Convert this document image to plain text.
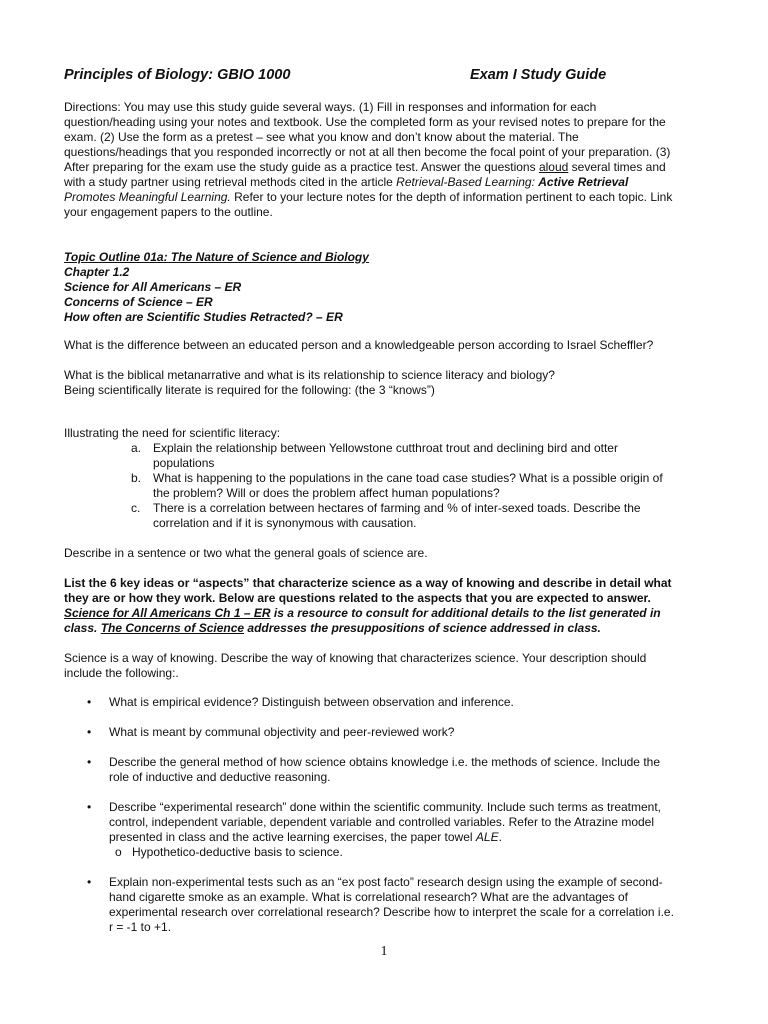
Principles of Biology: GBIO 1000	Exam I Study Guide
Directions: You may use this study guide several ways. (1) Fill in responses and information for each
question/heading using your notes and textbook. Use the completed form as your revised notes to prepare for the
exam. (2) Use the form as a pretest – see what you know and don’t know about the material. The
questions/headings that you responded incorrectly or not at all then become the focal point of your preparation. (3)
After preparing for the exam use the study guide as a practice test. Answer the questions aloud several times and
with a study partner using retrieval methods cited in the article Retrieval-Based Learning: Active Retrieval
Promotes Meaningful Learning. Refer to your lecture notes for the depth of information pertinent to each topic. Link
your engagement papers to the outline.
Topic Outline 01a: The Nature of Science and Biology
Chapter 1.2
Science for All Americans – ER
Concerns of Science – ER
How often are Scientific Studies Retracted? – ER
What is the difference between an educated person and a knowledgeable person according to Israel Scheffler?
What is the biblical metanarrative and what is its relationship to science literacy and biology?
Being scientifically literate is required for the following: (the 3 “knows”)
Illustrating the need for scientific literacy:
a. Explain the relationship between Yellowstone cutthroat trout and declining bird and otter
populations
b. What is happening to the populations in the cane toad case studies? What is a possible origin of
the problem? Will or does the problem affect human populations?
c. There is a correlation between hectares of farming and % of inter-sexed toads. Describe the
correlation and if it is synonymous with causation.
Describe in a sentence or two what the general goals of science are.
List the 6 key ideas or “aspects” that characterize science as a way of knowing and describe in detail what
they are or how they work. Below are questions related to the aspects that you are expected to answer.
Science for All Americans Ch 1 – ER is a resource to consult for additional details to the list generated in
class. The Concerns of Science addresses the presuppositions of science addressed in class.
Science is a way of knowing. Describe the way of knowing that characterizes science. Your description should
include the following:.
• What is empirical evidence? Distinguish between observation and inference.
• What is meant by communal objectivity and peer-reviewed work?
• Describe the general method of how science obtains knowledge i.e. the methods of science. Include the
role of inductive and deductive reasoning.
• Describe “experimental research” done within the scientific community. Include such terms as treatment,
control, independent variable, dependent variable and controlled variables. Refer to the Atrazine model
presented in class and the active learning exercises, the paper towel ALE.
o Hypothetico-deductive basis to science.
• Explain non-experimental tests such as an “ex post facto” research design using the example of second-
hand cigarette smoke as an example. What is correlational research? What are the advantages of
experimental research over correlational research? Describe how to interpret the scale for a correlation i.e.
r = -1 to +1.
1
